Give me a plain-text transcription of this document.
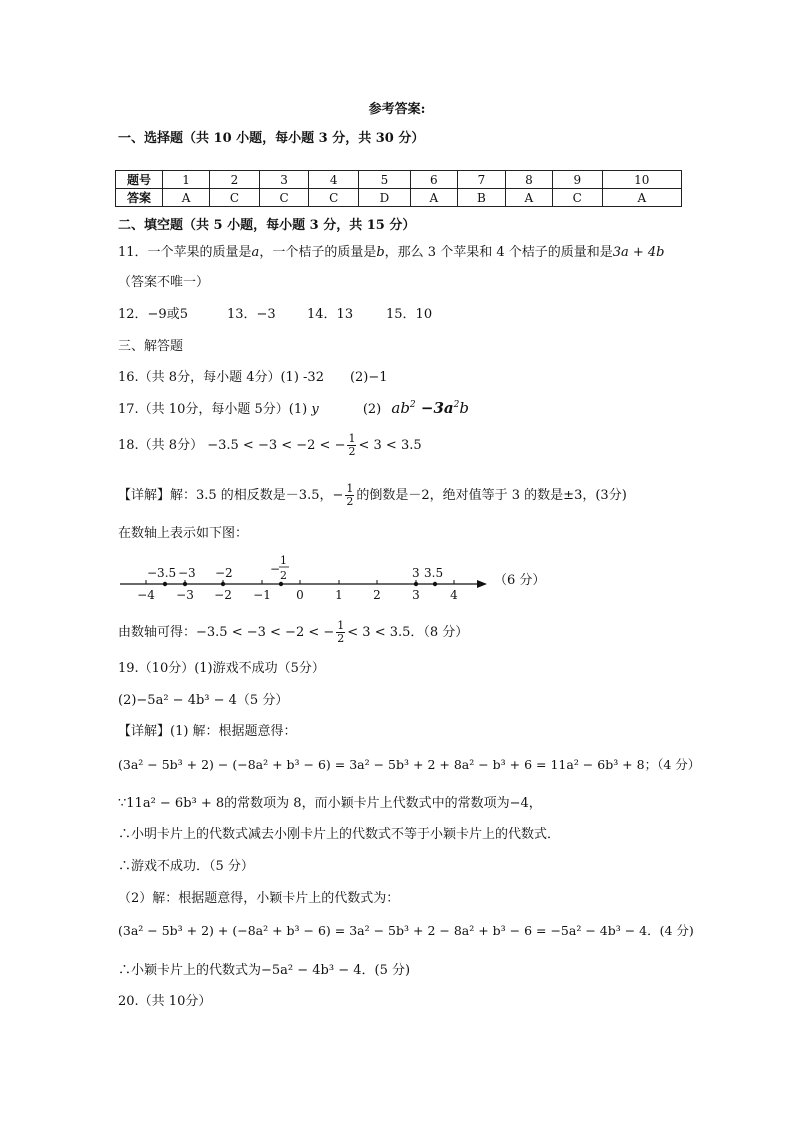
参考答案:
一、选择题（共 10 小题，每小题 3 分，共 30 分）
题号	1	2	3	4	5	6	7	8	9	10
答案	A	C	C	C	D	A	B	A	C	A
二、填空题（共 5 小题，每小题 3 分，共 15 分）
11．一个苹果的质量是a，一个桔子的质量是b，那么 3 个苹果和 4 个桔子的质量和是3a + 4b
（答案不唯一）
12．−9或5	13．−3 14．13	15．10
三、解答题
16.（共 8分，每小题 4分）(1) -32　　(2)−1
17.（共 10分，每小题 5分）(1) y	(2) $ab^2 -3a^2b$
18.（共 8分） −3.5 < −3 < −2 < − $\frac{1}{2} < 3 < 3.5$
【详解】解：3.5 的相反数是－3.5，− $\frac{1}{2}$ 的倒数是－2，绝对值等于 3 的数是±3，(3分)
在数轴上表示如下图：
−4 −3 −2 −1 0	1	2	3	4
−3.5 −3 −2	−
1
2	3 3.5	（6 分）
由数轴可得：−3.5 < −3 < −2 < − $\frac{1}{2} < 3 < 3.5$．（8 分）
19.（10分）(1)游戏不成功（5分）
(2)−5a² − 4b³ − 4（5 分）
【详解】(1) 解：根据题意得：
(3a² − 5b³ + 2) − (−8a² + b³ − 6) = 3a² − 5b³ + 2 + 8a² − b³ + 6 = 11a² − 6b³ + 8；（4 分）
∵11a² − 6b³ + 8的常数项为 8，而小颖卡片上代数式中的常数项为−4，
∴小明卡片上的代数式减去小刚卡片上的代数式不等于小颖卡片上的代数式．
∴游戏不成功．（5 分）
（2）解：根据题意得，小颖卡片上的代数式为：
(3a² − 5b³ + 2) + (−8a² + b³ − 6) = 3a² − 5b³ + 2 − 8a² + b³ − 6 = −5a² − 4b³ − 4．(4 分)
∴小颖卡片上的代数式为−5a² − 4b³ − 4．(5 分)
20.（共 10分）
